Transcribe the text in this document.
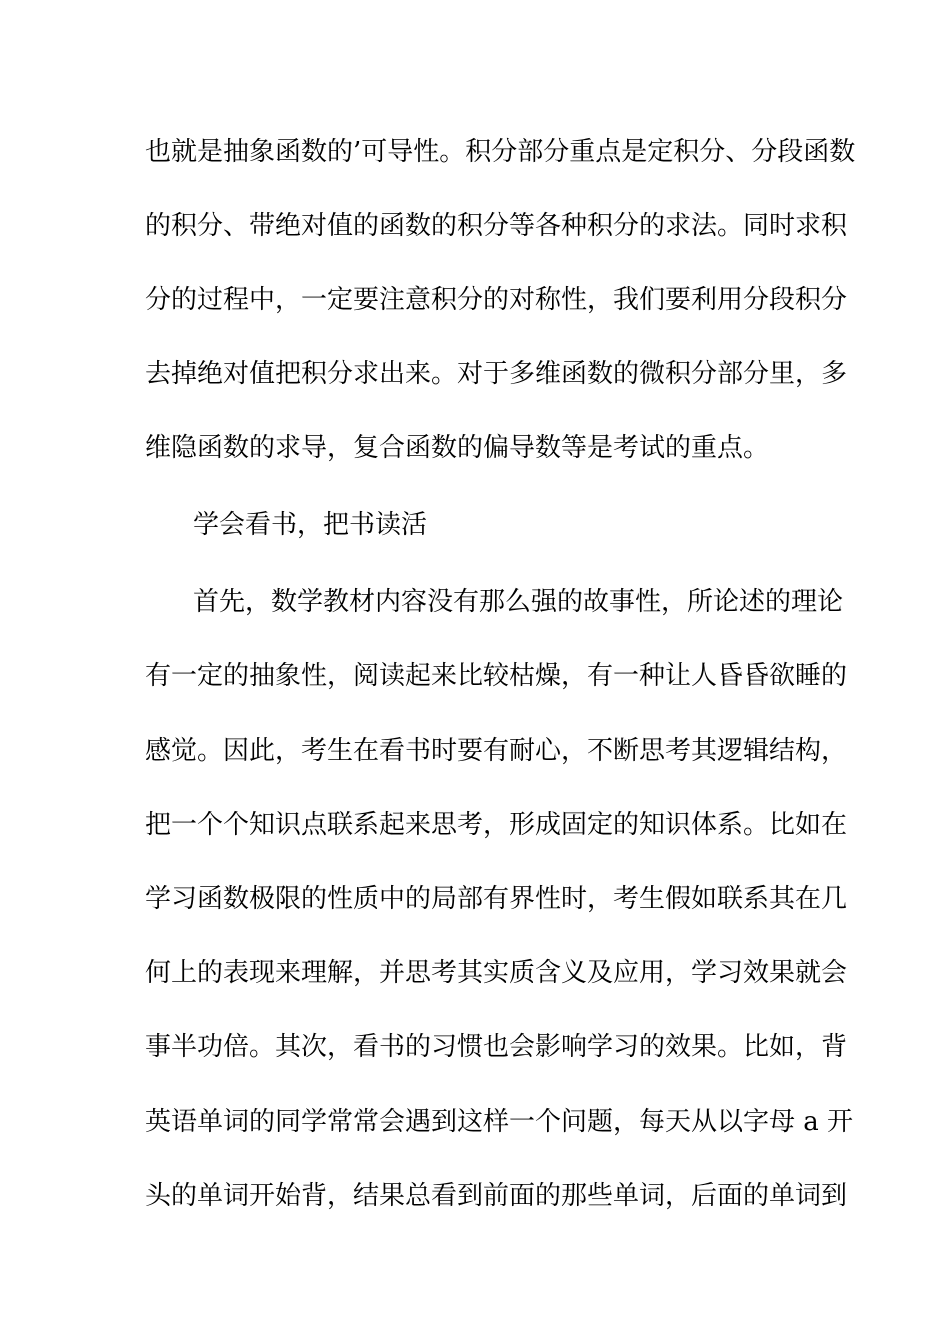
也就是抽象函数的’可导性。积分部分重点是定积分、分段函数
的积分、带绝对值的函数的积分等各种积分的求法。同时求积
分的过程中，一定要注意积分的对称性，我们要利用分段积分
去掉绝对值把积分求出来。对于多维函数的微积分部分里，多
维隐函数的求导，复合函数的偏导数等是考试的重点。
学会看书，把书读活
首先，数学教材内容没有那么强的故事性，所论述的理论
有一定的抽象性，阅读起来比较枯燥，有一种让人昏昏欲睡的
感觉。因此，考生在看书时要有耐心，不断思考其逻辑结构，
把一个个知识点联系起来思考，形成固定的知识体系。比如在
学习函数极限的性质中的局部有界性时，考生假如联系其在几
何上的表现来理解，并思考其实质含义及应用，学习效果就会
事半功倍。其次，看书的习惯也会影响学习的效果。比如，背
英语单词的同学常常会遇到这样一个问题，每天从以字母 a 开
头的单词开始背，结果总看到前面的那些单词，后面的单词到
